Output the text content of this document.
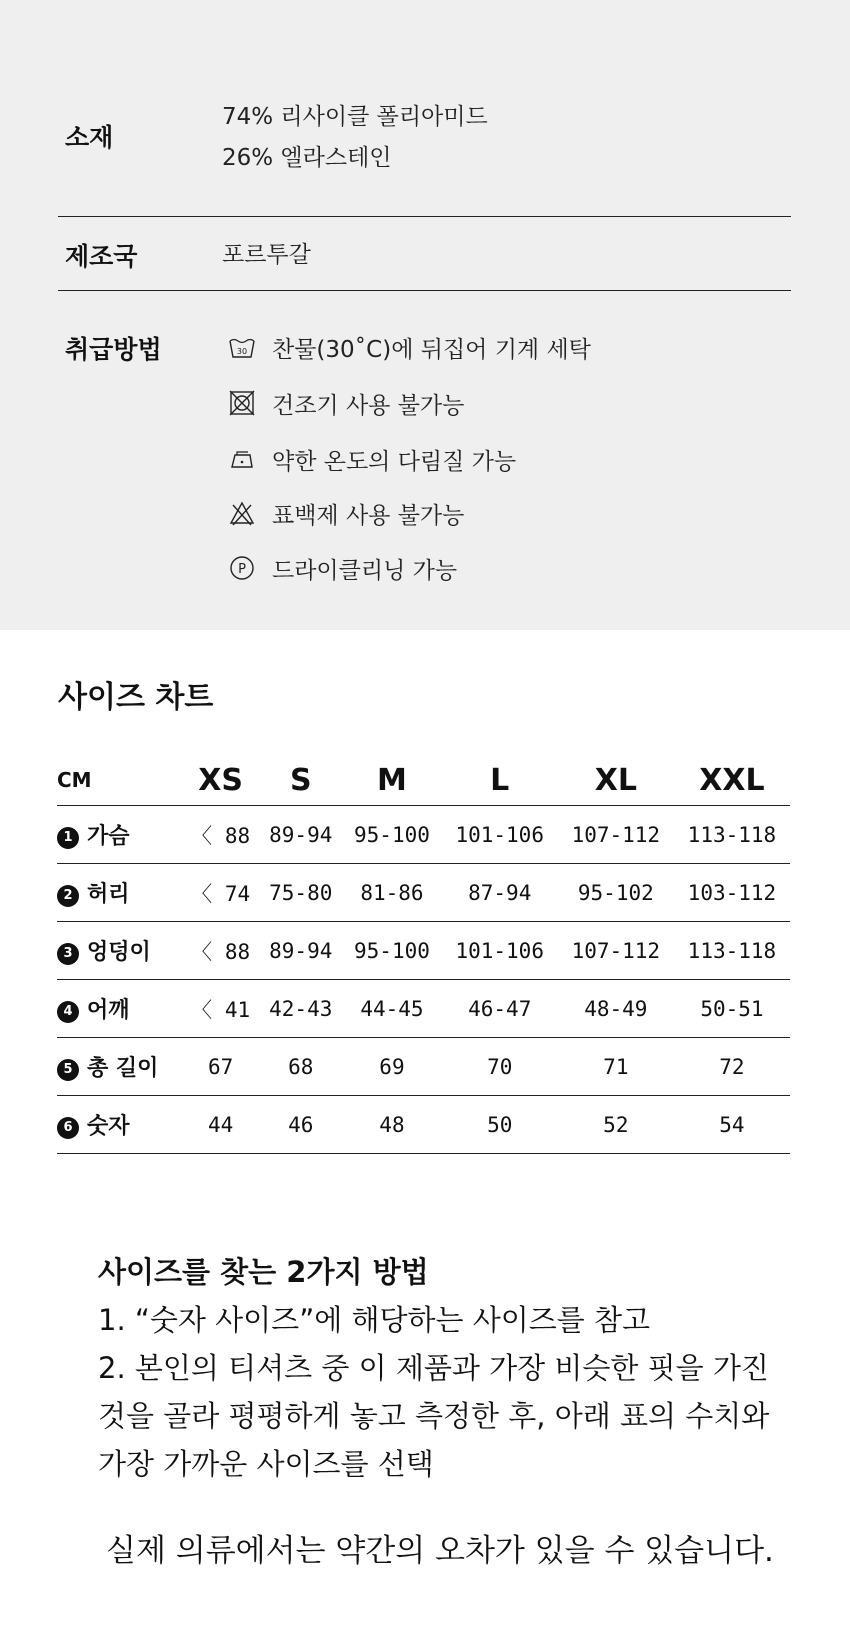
소재
74% 리사이클 폴리아미드
26% 엘라스테인
제조국	포르투갈
취급방법	30 찬물(30˚C)에 뒤집어 기계 세탁
건조기 사용 불가능
약한 온도의 다림질 가능
표백제 사용 불가능
P 드라이클리닝 가능
사이즈 차트
CM	XS	S	M	L	XL	XXL
1 가슴	〈 88	89-94	95-100	101-106	107-112	113-118
2 허리	〈 74	75-80	81-86	87-94	95-102	103-112
3 엉덩이	〈 88	89-94	95-100	101-106	107-112	113-118
4 어깨	〈 41	42-43	44-45	46-47	48-49	50-51
5 총 길이	67	68	69	70	71	72
6 숫자	44	46	48	50	52	54
사이즈를 찾는 2가지 방법
1. “숫자 사이즈”에 해당하는 사이즈를 참고
2. 본인의 티셔츠 중 이 제품과 가장 비슷한 핏을 가진 것을 골라 평평하게 놓고 측정한 후, 아래 표의 수치와 가장 가까운 사이즈를 선택
실제 의류에서는 약간의 오차가 있을 수 있습니다.
